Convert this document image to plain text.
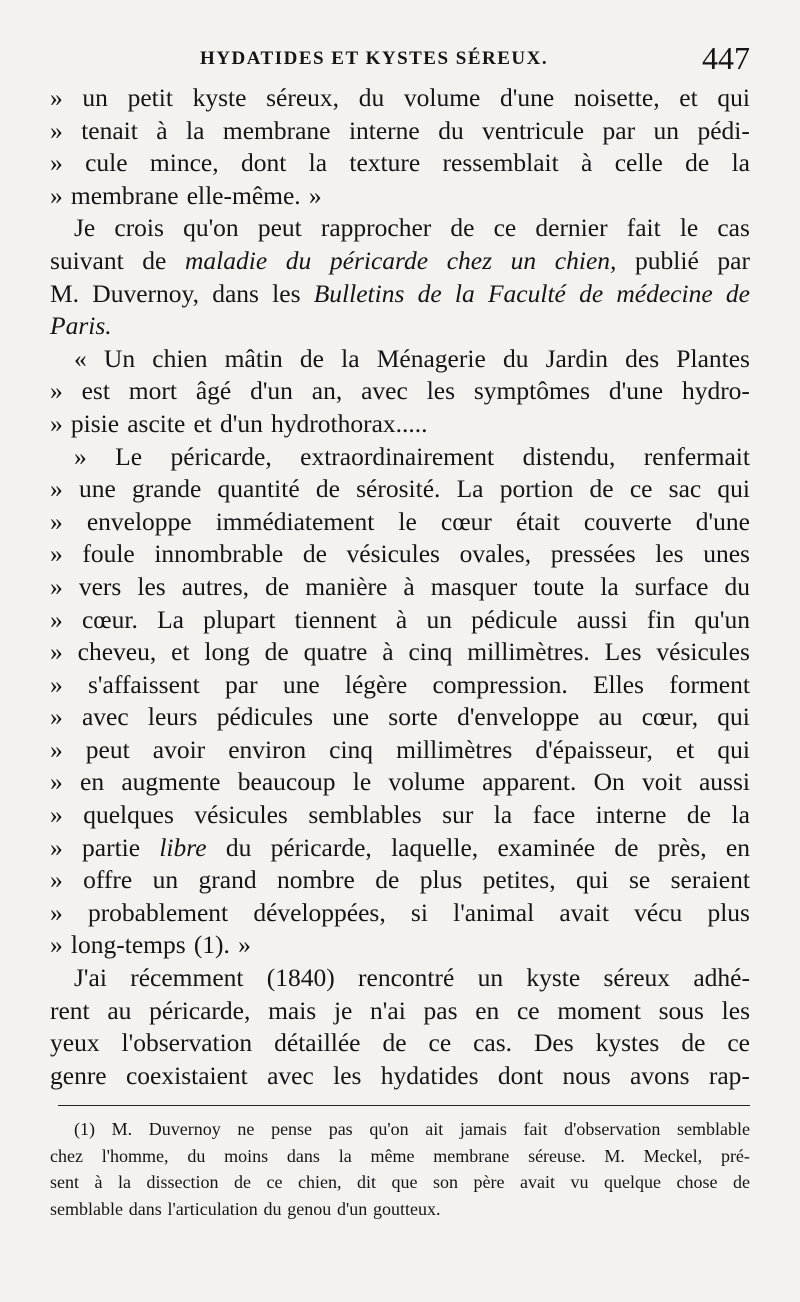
HYDATIDES ET KYSTES SÉREUX.	447
» un petit kyste séreux, du volume d'une noisette, et qui
» tenait à la membrane interne du ventricule par un pédi-
» cule mince, dont la texture ressemblait à celle de la
» membrane elle-même. »
Je crois qu'on peut rapprocher de ce dernier fait le cas
suivant de maladie du péricarde chez un chien, publié par
M. Duvernoy, dans les Bulletins de la Faculté de médecine de
Paris.
« Un chien mâtin de la Ménagerie du Jardin des Plantes
» est mort âgé d'un an, avec les symptômes d'une hydro-
» pisie ascite et d'un hydrothorax.....
» Le péricarde, extraordinairement distendu, renfermait
» une grande quantité de sérosité. La portion de ce sac qui
» enveloppe immédiatement le cœur était couverte d'une
» foule innombrable de vésicules ovales, pressées les unes
» vers les autres, de manière à masquer toute la surface du
» cœur. La plupart tiennent à un pédicule aussi fin qu'un
» cheveu, et long de quatre à cinq millimètres. Les vésicules
» s'affaissent par une légère compression. Elles forment
» avec leurs pédicules une sorte d'enveloppe au cœur, qui
» peut avoir environ cinq millimètres d'épaisseur, et qui
» en augmente beaucoup le volume apparent. On voit aussi
» quelques vésicules semblables sur la face interne de la
» partie libre du péricarde, laquelle, examinée de près, en
» offre un grand nombre de plus petites, qui se seraient
» probablement développées, si l'animal avait vécu plus
» long-temps (1). »
J'ai récemment (1840) rencontré un kyste séreux adhé-
rent au péricarde, mais je n'ai pas en ce moment sous les
yeux l'observation détaillée de ce cas. Des kystes de ce
genre coexistaient avec les hydatides dont nous avons rap-
(1) M. Duvernoy ne pense pas qu'on ait jamais fait d'observation semblable
chez l'homme, du moins dans la même membrane séreuse. M. Meckel, pré-
sent à la dissection de ce chien, dit que son père avait vu quelque chose de
semblable dans l'articulation du genou d'un goutteux.
